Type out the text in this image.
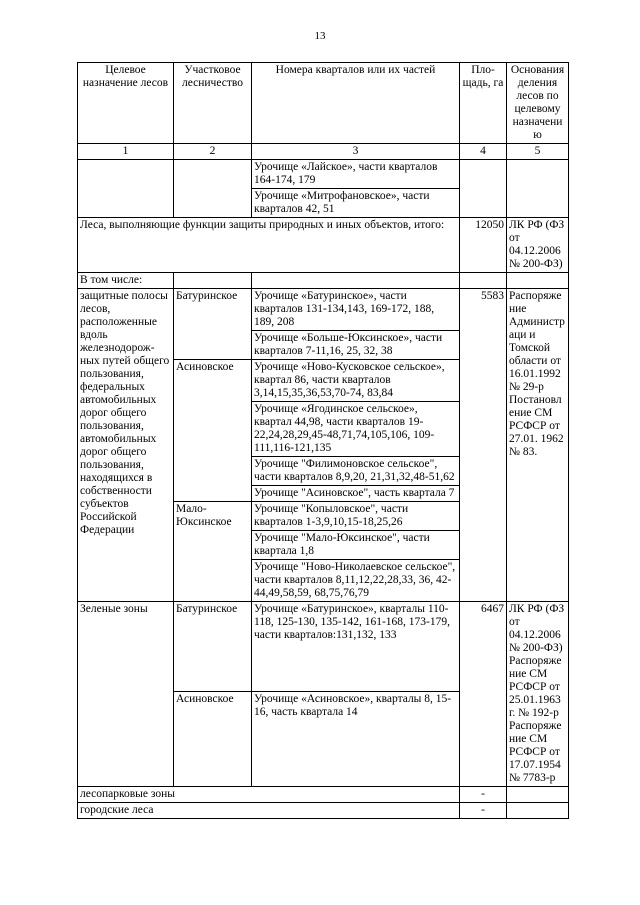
13
Целевое назначение лесов	Участковое лесничество	Номера кварталов или их частей	Пло- щадь, га	Основания деления лесов по целевому назначению
1	2	3	4	5
		Урочище «Лайское», части кварталов 164-174, 179		
		Урочище «Митрофановское», части кварталов 42, 51		
Леса, выполняющие функции защиты природных и иных объектов, итого:			12050	ЛК РФ (ФЗ от 04.12.2006 № 200-ФЗ)
В том числе:				
защитные полосы лесов, расположенные вдоль железнодорож- ных путей общего пользования, федеральных автомобильных дорог общего пользования, автомобильных дорог общего пользования, находящихся в собственности субъектов Российской Федерации	Батуринское	Урочище «Батуринское», части кварталов 131-134,143, 169-172, 188, 189, 208	5583	Распоряжение Администраци и Томской области от 16.01.1992 № 29-р Постановление СМ РСФСР от 27.01. 1962 № 83.
		Урочище «Больше-Юксинское», части кварталов 7-11,16, 25, 32, 38		
	Асиновское	Урочище «Ново-Кусковское сельское», квартал 86, части кварталов 3,14,15,35,36,53,70-74, 83,84		
		Урочище «Ягодинское сельское», квартал 44,98, части кварталов 19-22,24,28,29,45-48,71,74,105,106, 109-111,116-121,135		
		Урочище "Филимоновское сельское", части кварталов 8,9,20, 21,31,32,48-51,62		
		Урочище "Асиновское", часть квартала 7		
	Мало- Юксинское	Урочище "Копыловское", части кварталов 1-3,9,10,15-18,25,26		
		Урочище "Мало-Юксинское", части квартала 1,8		
		Урочище "Ново-Николаевское сельское", части кварталов 8,11,12,22,28,33, 36, 42-44,49,58,59, 68,75,76,79		
Зеленые зоны	Батуринское	Урочище «Батуринское», кварталы 110-118, 125-130, 135-142, 161-168, 173-179, части кварталов:131,132, 133	6467	ЛК РФ (ФЗ от 04.12.2006 № 200-ФЗ) Распоряжение СМ РСФСР от 25.01.1963 г. № 192-р Распоряжение СМ РСФСР от 17.07.1954 № 7783-р
	Асиновское	Урочище «Асиновское», кварталы 8, 15-16, часть квартала 14		
лесопарковые зоны			-	
городские леса			-	
